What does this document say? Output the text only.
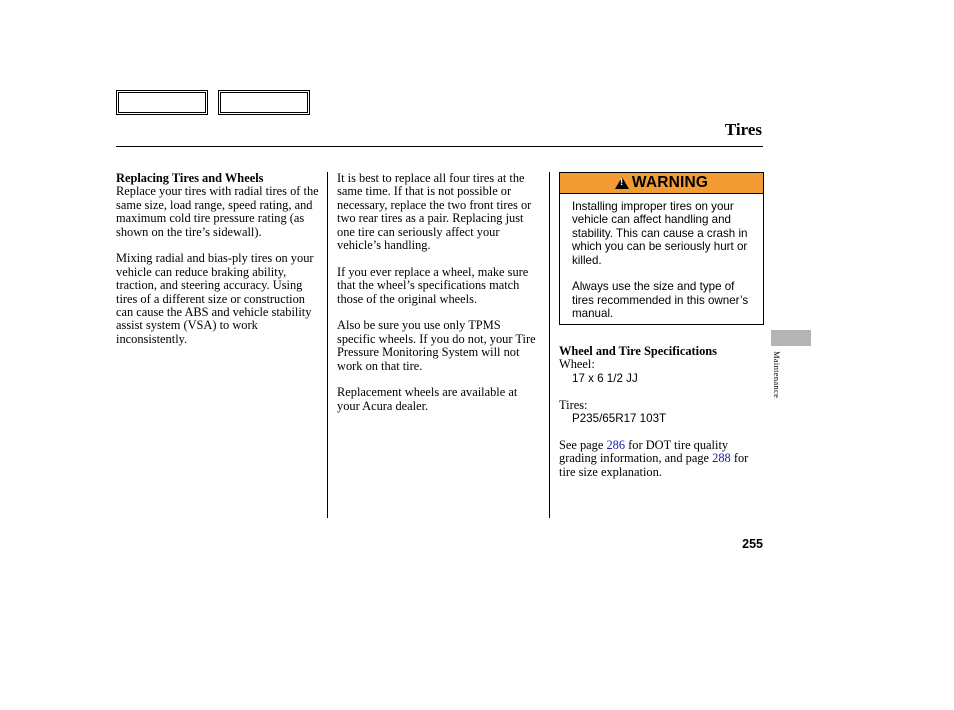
Tires

Replacing Tires and Wheels
Replace your tires with radial tires of the same size, load range, speed rating, and maximum cold tire pressure rating (as shown on the tire’s sidewall).

Mixing radial and bias-ply tires on your vehicle can reduce braking ability, traction, and steering accuracy. Using tires of a different size or construction can cause the ABS and vehicle stability assist system (VSA) to work inconsistently.

It is best to replace all four tires at the same time. If that is not possible or necessary, replace the two front tires or two rear tires as a pair. Replacing just one tire can seriously affect your vehicle’s handling.

If you ever replace a wheel, make sure that the wheel’s specifications match those of the original wheels.

Also be sure you use only TPMS specific wheels. If you do not, your Tire Pressure Monitoring System will not work on that tire.

Replacement wheels are available at your Acura dealer.

!
WARNING

Installing improper tires on your vehicle can affect handling and stability. This can cause a crash in which you can be seriously hurt or killed.

Always use the size and type of tires recommended in this owner’s manual.

Wheel and Tire Specifications
Wheel:
17 x 6 1/2 JJ

Tires:
P235/65R17 103T

See page 286 for DOT tire quality grading information, and page 288 for tire size explanation.

Maintenance
255
